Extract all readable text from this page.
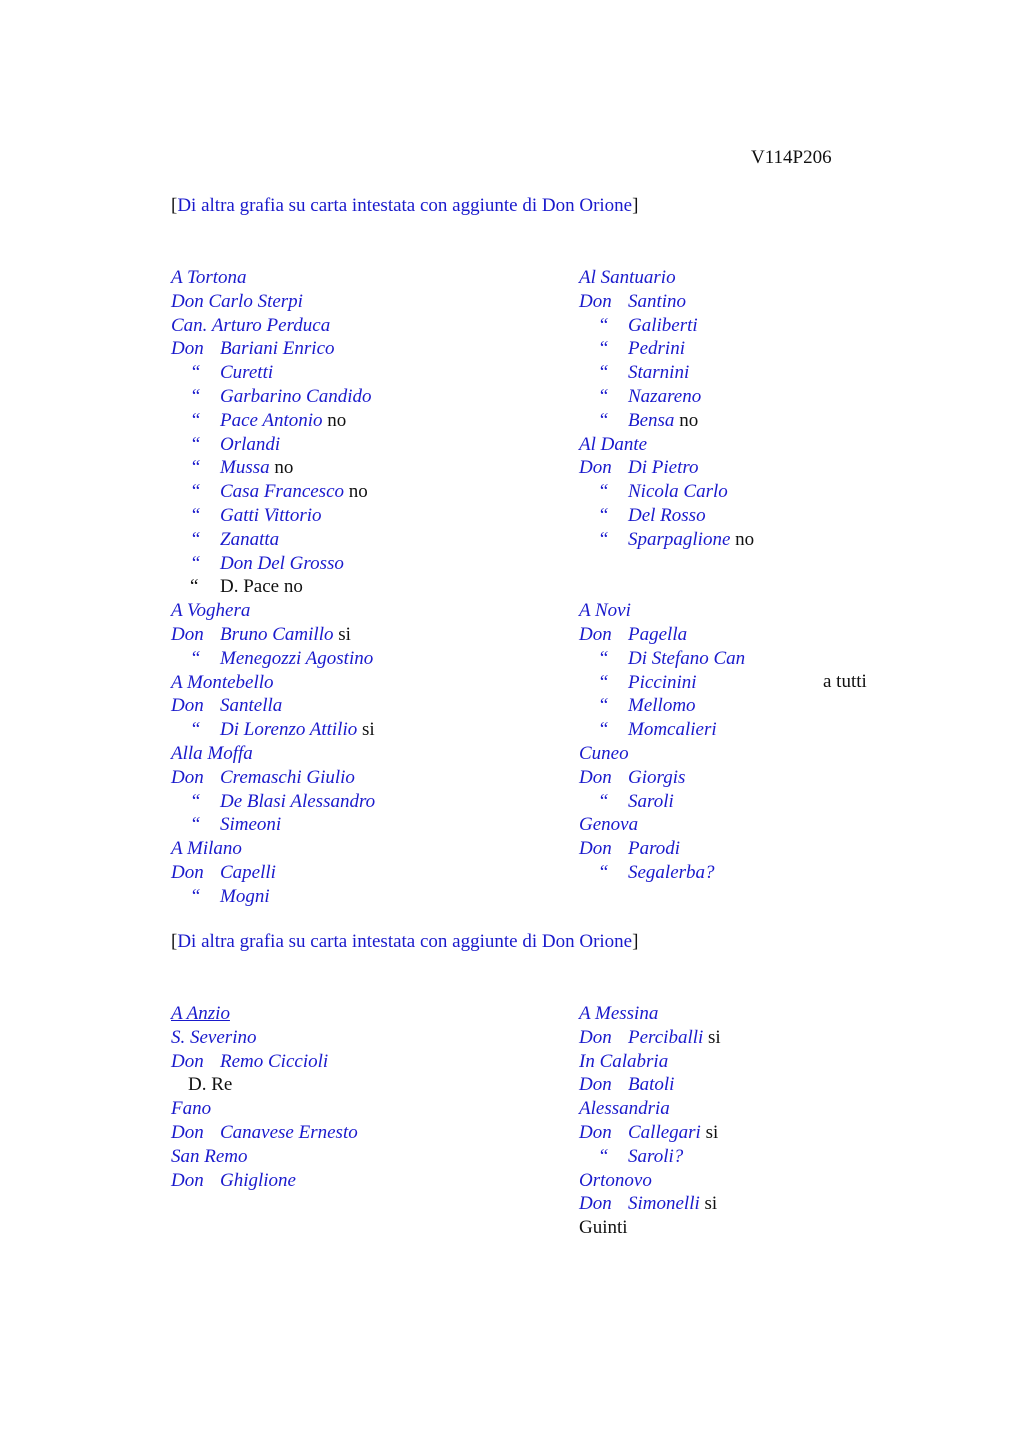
V114P206
[Di altra grafia su carta intestata con aggiunte di Don Orione]
A Tortona
Don Carlo Sterpi
Can. Arturo Perduca
Don Bariani Enrico
“ Curetti
“ Garbarino Candido
“ Pace Antonio no
“ Orlandi
“ Mussa no
“ Casa Francesco no
“ Gatti Vittorio
“ Zanatta
“ Don Del Grosso
“ D. Pace no
A Voghera
Don Bruno Camillo si
“ Menegozzi Agostino
A Montebello
Don Santella
“ Di Lorenzo Attilio si
Alla Moffa
Don Cremaschi Giulio
“ De Blasi Alessandro
“ Simeoni
A Milano
Don Capelli
“ Mogni
Al Santuario
Don Santino
“ Galiberti
“ Pedrini
“ Starnini
“ Nazareno
“ Bensa no
Al Dante
Don Di Pietro
“ Nicola Carlo
“ Del Rosso
“ Sparpaglione no
A Novi
Don Pagella
“ Di Stefano Can
“ Piccinini
“ Mellomo
“ Momcalieri
Cuneo
Don Giorgis
“ Saroli
Genova
Don Parodi
“ Segalerba?
a tutti
[Di altra grafia su carta intestata con aggiunte di Don Orione]
A Anzio
S. Severino
Don Remo Ciccioli
D. Re
Fano
Don Canavese Ernesto
San Remo
Don Ghiglione
A Messina
Don Perciballi si
In Calabria
Don Batoli
Alessandria
Don Callegari si
“ Saroli?
Ortonovo
Don Simonelli si
Guinti
